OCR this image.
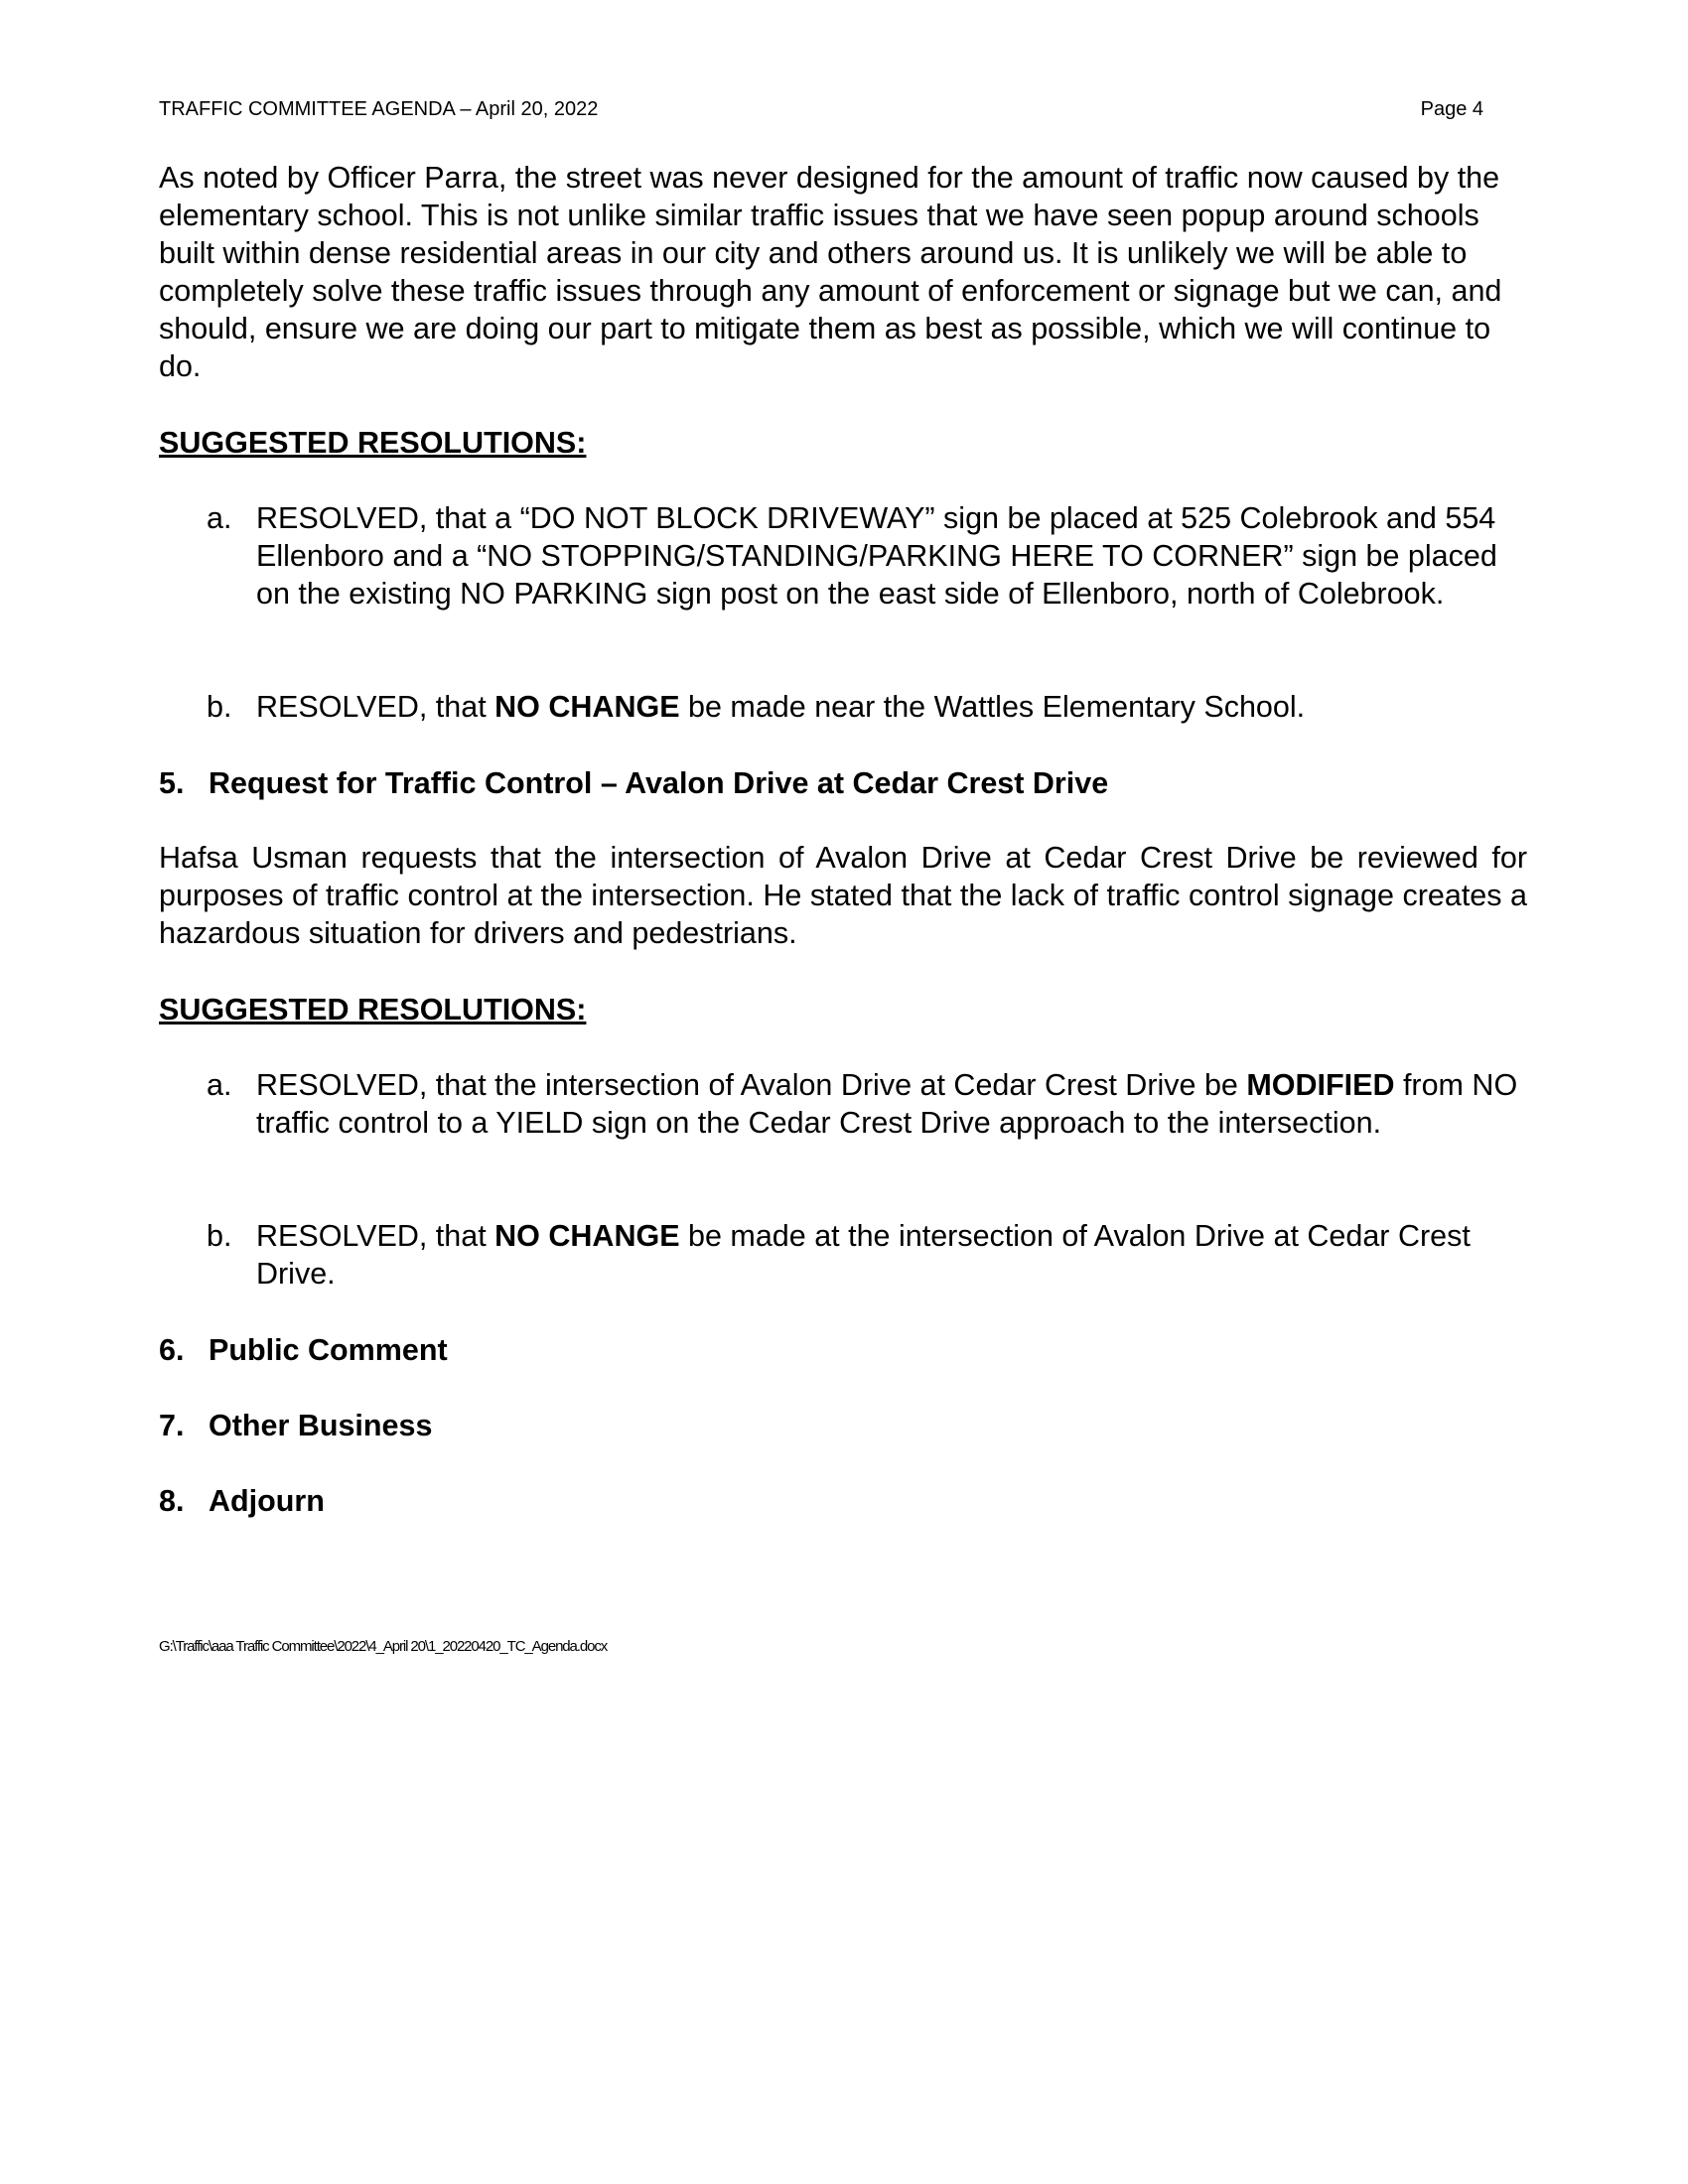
TRAFFIC COMMITTEE AGENDA – April 20, 2022	Page 4

As noted by Officer Parra, the street was never designed for the amount of traffic now caused by the elementary school. This is not unlike similar traffic issues that we have seen popup around schools built within dense residential areas in our city and others around us. It is unlikely we will be able to completely solve these traffic issues through any amount of enforcement or signage but we can, and should, ensure we are doing our part to mitigate them as best as possible, which we will continue to do.

SUGGESTED RESOLUTIONS:
a. RESOLVED, that a “DO NOT BLOCK DRIVEWAY” sign be placed at 525 Colebrook and 554 Ellenboro and a “NO STOPPING/STANDING/PARKING HERE TO CORNER” sign be placed on the existing NO PARKING sign post on the east side of Ellenboro, north of Colebrook.
b. RESOLVED, that NO CHANGE be made near the Wattles Elementary School.
5. Request for Traffic Control – Avalon Drive at Cedar Crest Drive

Hafsa Usman requests that the intersection of Avalon Drive at Cedar Crest Drive be reviewed for purposes of traffic control at the intersection. He stated that the lack of traffic control signage creates a hazardous situation for drivers and pedestrians.

SUGGESTED RESOLUTIONS:
a. RESOLVED, that the intersection of Avalon Drive at Cedar Crest Drive be MODIFIED from NO traffic control to a YIELD sign on the Cedar Crest Drive approach to the intersection.
b. RESOLVED, that NO CHANGE be made at the intersection of Avalon Drive at Cedar Crest Drive.
6. Public Comment
7. Other Business
8. Adjourn
G:\Traffic\aaa Traffic Committee\2022\4_April 20\1_20220420_TC_Agenda.docx
